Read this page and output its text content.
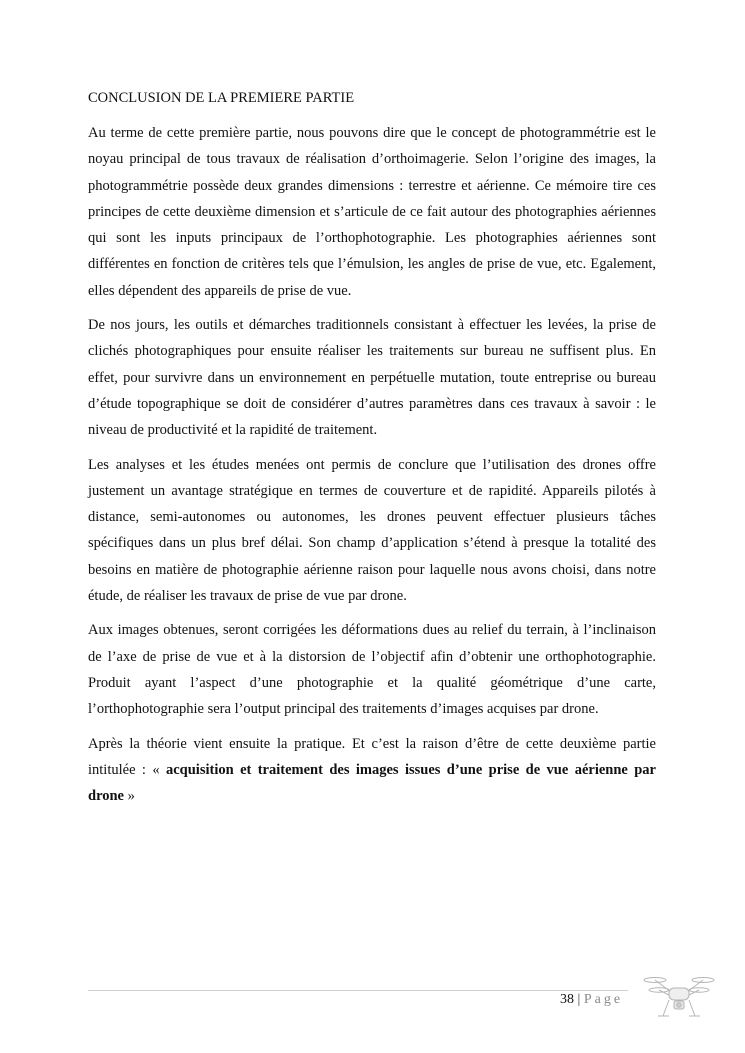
CONCLUSION DE LA PREMIERE PARTIE

Au terme de cette première partie, nous pouvons dire que le concept de photogrammétrie est le noyau principal de tous travaux de réalisation d’orthoimagerie. Selon l’origine des images, la photogrammétrie possède deux grandes dimensions : terrestre et aérienne. Ce mémoire tire ces principes de cette deuxième dimension et s’articule de ce fait autour des photographies aériennes qui sont les inputs principaux de l’orthophotographie. Les photographies aériennes sont différentes en fonction de critères tels que l’émulsion, les angles de prise de vue, etc. Egalement, elles dépendent des appareils de prise de vue.

De nos jours, les outils et démarches traditionnels consistant à effectuer les levées, la prise de clichés photographiques pour ensuite réaliser les traitements sur bureau ne suffisent plus. En effet, pour survivre dans un environnement en perpétuelle mutation, toute entreprise ou bureau d’étude topographique se doit de considérer d’autres paramètres dans ces travaux à savoir : le niveau de productivité et la rapidité de traitement.

Les analyses et les études menées ont permis de conclure que l’utilisation des drones offre justement un avantage stratégique en termes de couverture et de rapidité. Appareils pilotés à distance, semi-autonomes ou autonomes, les drones peuvent effectuer plusieurs tâches spécifiques dans un plus bref délai. Son champ d’application s’étend à presque la totalité des besoins en matière de photographie aérienne raison pour laquelle nous avons choisi, dans notre étude, de réaliser les travaux de prise de vue par drone.

Aux images obtenues, seront corrigées les déformations dues au relief du terrain, à l’inclinaison de l’axe de prise de vue et à la distorsion de l’objectif afin d’obtenir une orthophotographie. Produit ayant l’aspect d’une photographie et la qualité géométrique d’une carte, l’orthophotographie sera l’output principal des traitements d’images acquises par drone.

Après la théorie vient ensuite la pratique. Et c’est la raison d’être de cette deuxième partie intitulée : « acquisition et traitement des images issues d’une prise de vue aérienne par drone »

38 | Page
